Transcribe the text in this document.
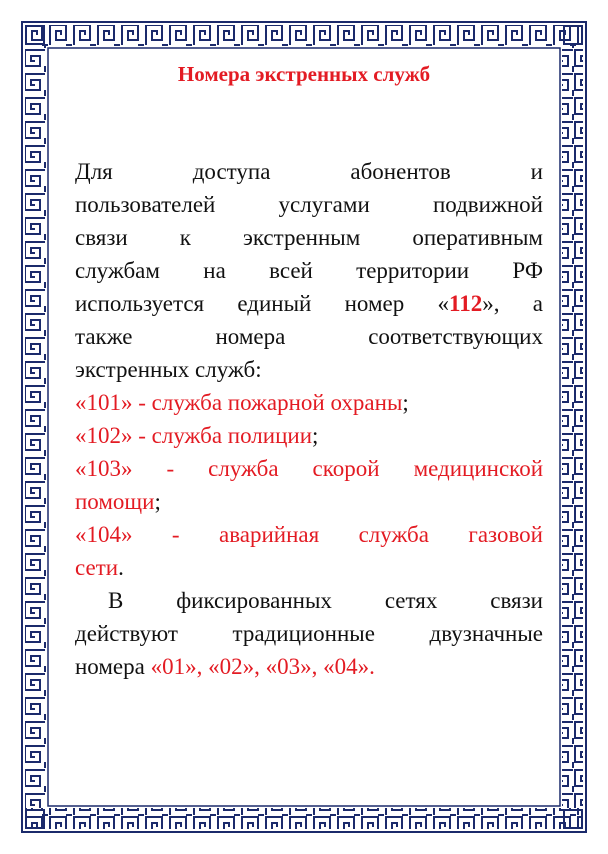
Номера экстренных служб
Для доступа абонентов и
пользователей услугами подвижной
связи к экстренным оперативным
службам на всей территории РФ
используется единый номер «112», а
также номера соответствующих
экстренных служб:
«101» - служба пожарной охраны;
«102» - служба полиции;
«103» - служба скорой медицинской
помощи;
«104» - аварийная служба газовой
сети.
В фиксированных сетях связи
действуют традиционные двузначные
номера «01», «02», «03», «04».
